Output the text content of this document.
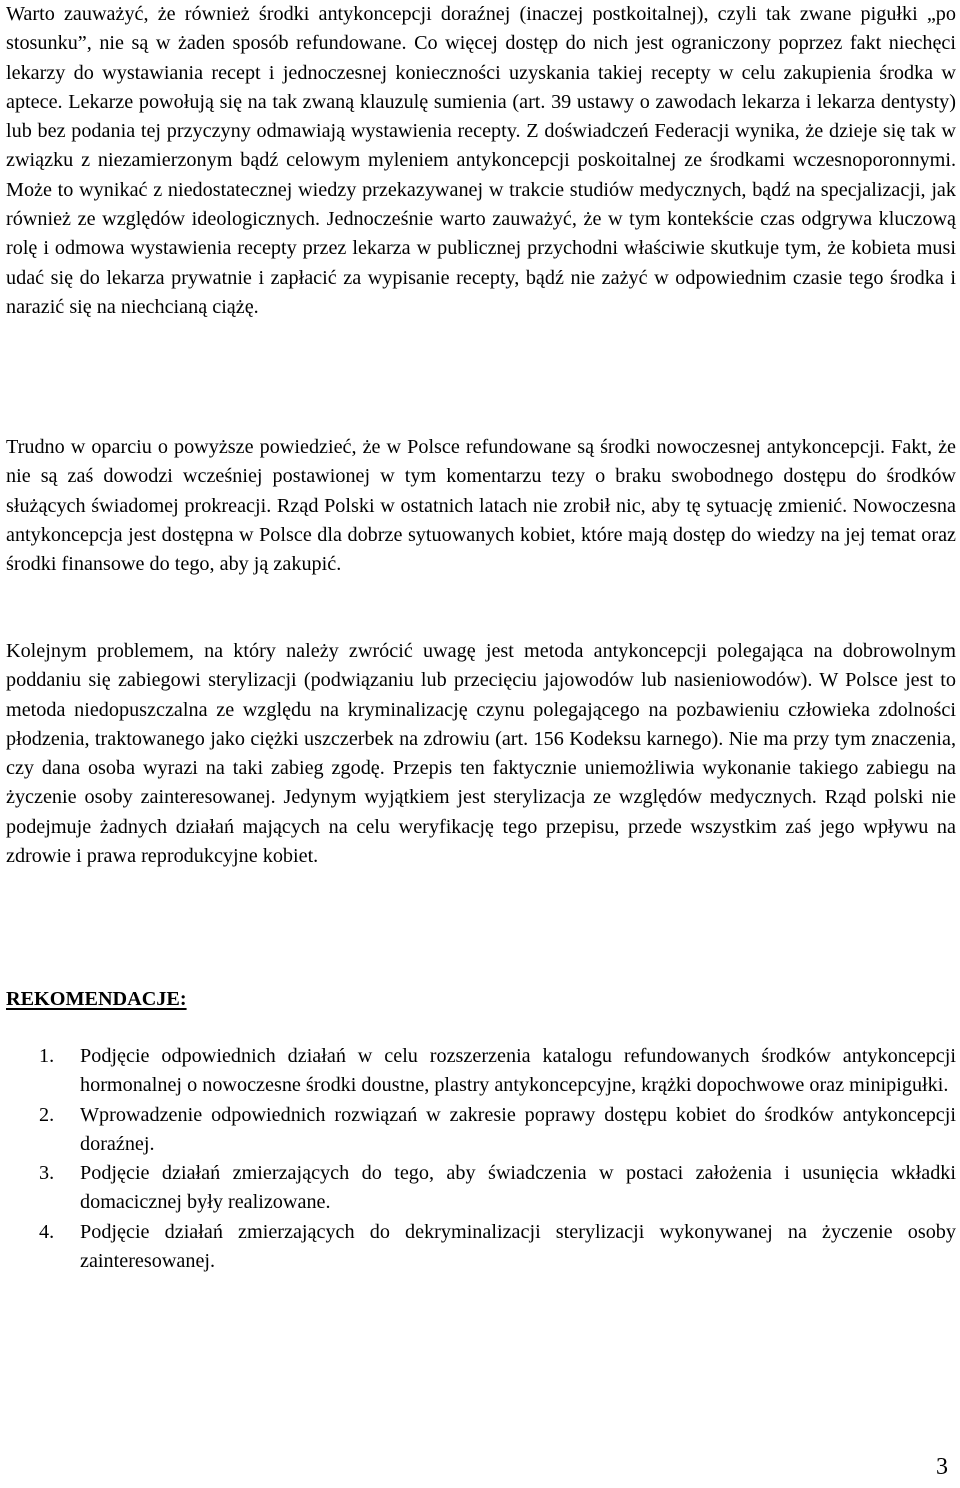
Warto zauważyć, że również środki antykoncepcji doraźnej (inaczej postkoitalnej), czyli tak zwane pigułki „po stosunku”, nie są w żaden sposób refundowane. Co więcej dostęp do nich jest ograniczony poprzez fakt niechęci lekarzy do wystawiania recept i jednoczesnej konieczności uzyskania takiej recepty w celu zakupienia środka w aptece. Lekarze powołują się na tak zwaną klauzulę sumienia (art. 39 ustawy o zawodach lekarza i lekarza dentysty) lub bez podania tej przyczyny odmawiają wystawienia recepty. Z doświadczeń Federacji wynika, że dzieje się tak w związku z niezamierzonym bądź celowym myleniem antykoncepcji poskoitalnej ze środkami wczesnoporonnymi. Może to wynikać z niedostatecznej wiedzy przekazywanej w trakcie studiów medycznych, bądź na specjalizacji, jak również ze względów ideologicznych. Jednocześnie warto zauważyć, że w tym kontekście czas odgrywa kluczową rolę i odmowa wystawienia recepty przez lekarza w publicznej przychodni właściwie skutkuje tym, że kobieta musi udać się do lekarza prywatnie i zapłacić za wypisanie recepty, bądź nie zażyć w odpowiednim czasie tego środka i narazić się na niechcianą ciążę.

Trudno w oparciu o powyższe powiedzieć, że w Polsce refundowane są środki nowoczesnej antykoncepcji. Fakt, że nie są zaś dowodzi wcześniej postawionej w tym komentarzu tezy o braku swobodnego dostępu do środków służących świadomej prokreacji. Rząd Polski w ostatnich latach nie zrobił nic, aby tę sytuację zmienić. Nowoczesna antykoncepcja jest dostępna w Polsce dla dobrze sytuowanych kobiet, które mają dostęp do wiedzy na jej temat oraz środki finansowe do tego, aby ją zakupić.

Kolejnym problemem, na który należy zwrócić uwagę jest metoda antykoncepcji polegająca na dobrowolnym poddaniu się zabiegowi sterylizacji (podwiązaniu lub przecięciu jajowodów lub nasieniowodów). W Polsce jest to metoda niedopuszczalna ze względu na kryminalizację czynu polegającego na pozbawieniu człowieka zdolności płodzenia, traktowanego jako ciężki uszczerbek na zdrowiu (art. 156 Kodeksu karnego). Nie ma przy tym znaczenia, czy dana osoba wyrazi na taki zabieg zgodę. Przepis ten faktycznie uniemożliwia wykonanie takiego zabiegu na życzenie osoby zainteresowanej. Jedynym wyjątkiem jest sterylizacja ze względów medycznych. Rząd polski nie podejmuje żadnych działań mających na celu weryfikację tego przepisu, przede wszystkim zaś jego wpływu na zdrowie i prawa reprodukcyjne kobiet.

REKOMENDACJE:
1.	Podjęcie odpowiednich działań w celu rozszerzenia katalogu refundowanych środków antykoncepcji hormonalnej o nowoczesne środki doustne, plastry antykoncepcyjne, krążki dopochwowe oraz minipigułki.
2.	Wprowadzenie odpowiednich rozwiązań w zakresie poprawy dostępu kobiet do środków antykoncepcji doraźnej.
3.	Podjęcie działań zmierzających do tego, aby świadczenia w postaci założenia i usunięcia wkładki domacicznej były realizowane.
4.	Podjęcie działań zmierzających do dekryminalizacji sterylizacji wykonywanej na życzenie osoby zainteresowanej.

3
